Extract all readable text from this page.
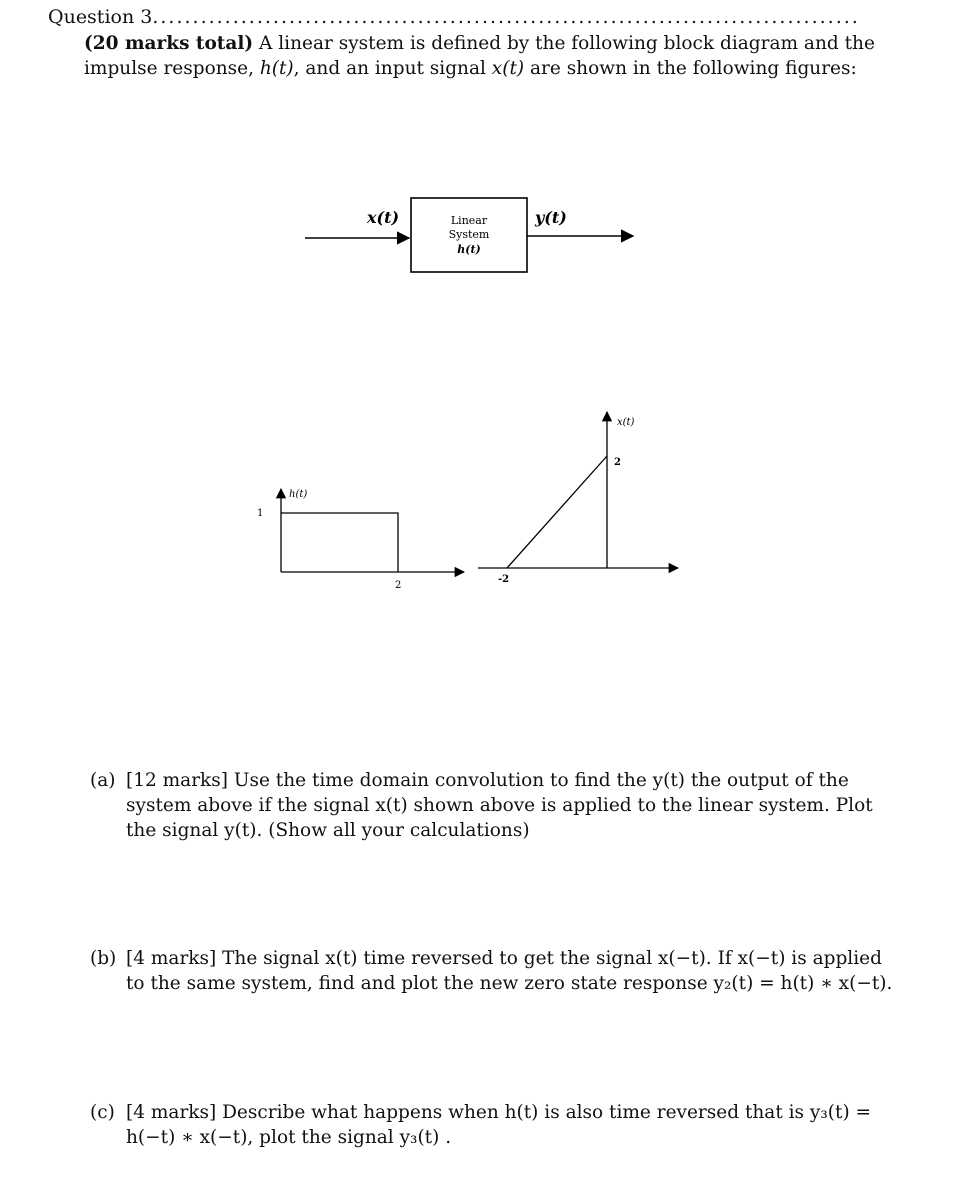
Question 3........................................................................................
(20 marks total) A linear system is defined by the following block diagram and the impulse response, h(t), and an input signal x(t) are shown in the following figures:
x(t)	y(t)
Linear
System
h(t)
h(t)
1
2
x(t)
2
-2
(a) [12 marks] Use the time domain convolution to find the y(t) the output of the system above if the signal x(t) shown above is applied to the linear system. Plot the signal y(t). (Show all your calculations)
(b) [4 marks] The signal x(t) time reversed to get the signal x(−t). If x(−t) is applied to the same system, find and plot the new zero state response y₂(t) = h(t) ∗ x(−t).
(c) [4 marks] Describe what happens when h(t) is also time reversed that is y₃(t) = h(−t) ∗ x(−t), plot the signal y₃(t) .
